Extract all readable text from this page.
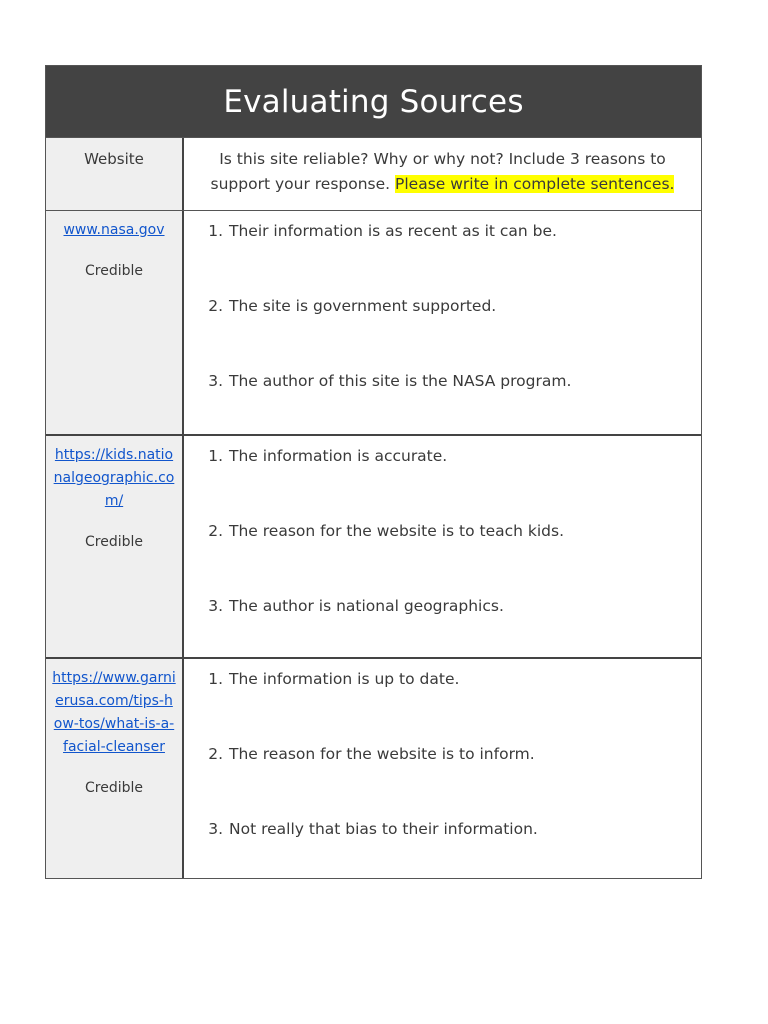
Evaluating Sources
Website	Is this site reliable? Why or why not? Include 3 reasons to support your response. Please write in complete sentences.
www.nasa.gov
Credible
1. Their information is as recent as it can be.
2. The site is government supported.
3. The author of this site is the NASA program.
https://kids.nationalgeographic.com/
Credible
1. The information is accurate.
2. The reason for the website is to teach kids.
3. The author is national geographics.
https://www.garnierusa.com/tips-how-tos/what-is-a-facial-cleanser
Credible
1. The information is up to date.
2. The reason for the website is to inform.
3. Not really that bias to their information.
